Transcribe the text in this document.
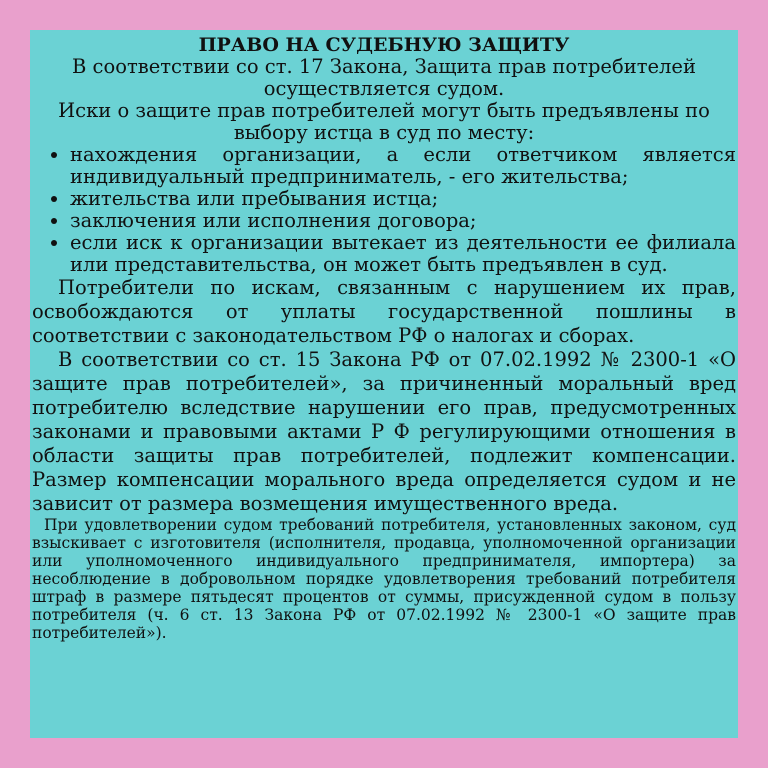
ПРАВО НА СУДЕБНУЮ ЗАЩИТУ

В соответствии со ст. 17 Закона, Защита прав потребителей осуществляется судом.

Иски о защите прав потребителей могут быть предъявлены по выбору истца в суд по месту:

• нахождения организации, а если ответчиком является индивидуальный предприниматель, - его жительства;
• жительства или пребывания истца;
• заключения или исполнения договора;
• если иск к организации вытекает из деятельности ее филиала или представительства, он может быть предъявлен в суд.

Потребители по искам, связанным с нарушением их прав, освобождаются от уплаты государственной пошлины в соответствии с законодательством РФ о налогах и сборах.

В соответствии со ст. 15 Закона РФ от 07.02.1992 № 2300-1 «О защите прав потребителей», за причиненный моральный вред потребителю вследствие нарушении его прав, предусмотренных законами и правовыми актами Р Ф регулирующими отношения в области защиты прав потребителей, подлежит компенсации. Размер компенсации морального вреда определяется судом и не зависит от размера возмещения имущественного вреда.

При удовлетворении судом требований потребителя, установленных законом, суд взыскивает с изготовителя (исполнителя, продавца, уполномоченной организации или уполномоченного индивидуального предпринимателя, импортера) за несоблюдение в добровольном порядке удовлетворения требований потребителя штраф в размере пятьдесят процентов от суммы, присужденной судом в пользу потребителя (ч. 6 ст. 13 Закона РФ от 07.02.1992 № 2300-1 «О защите прав потребителей»).
